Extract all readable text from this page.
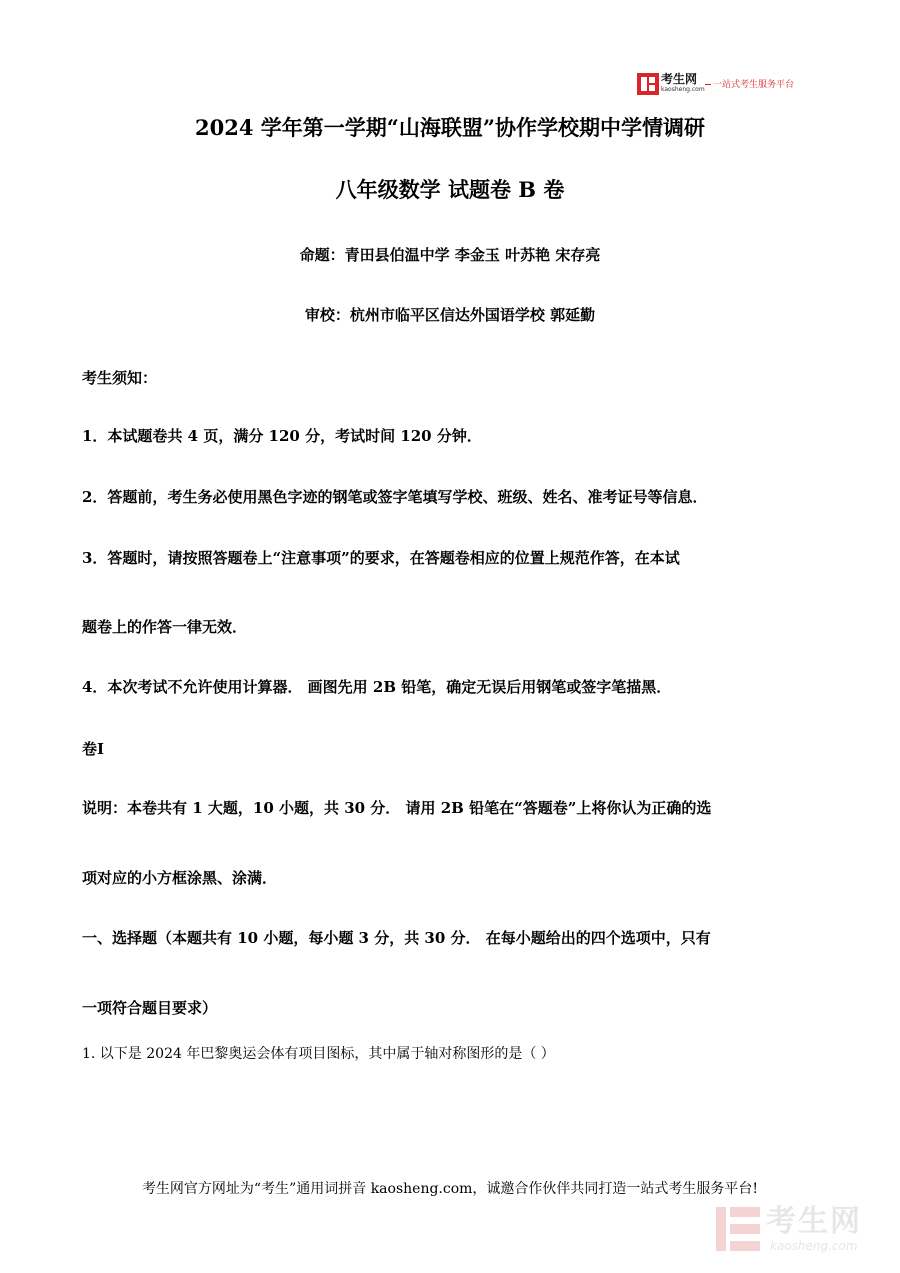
考生网
kaosheng.com 一站式考生服务平台
2024 学年第一学期“山海联盟”协作学校期中学情调研
八年级数学 试题卷 B 卷
命题：青田县伯温中学 李金玉 叶苏艳 宋存亮
审校：杭州市临平区信达外国语学校 郭延勤
考生须知：
1．本试题卷共 4 页，满分 120 分，考试时间 120 分钟．
2．答题前，考生务必使用黑色字迹的钢笔或签字笔填写学校、班级、姓名、准考证号等信息．
3．答题时，请按照答题卷上“注意事项”的要求，在答题卷相应的位置上规范作答，在本试
题卷上的作答一律无效．
4．本次考试不允许使用计算器． 画图先用 2B 铅笔，确定无误后用钢笔或签字笔描黑．
卷I
说明：本卷共有 1 大题，10 小题，共 30 分． 请用 2B 铅笔在“答题卷”上将你认为正确的选
项对应的小方框涂黑、涂满．
一、选择题（本题共有 10 小题，每小题 3 分，共 30 分． 在每小题给出的四个选项中，只有
一项符合题目要求）
1. 以下是 2024 年巴黎奥运会体有项目图标，其中属于轴对称图形的是（ ）
考生网官方网址为“考生”通用词拼音 kaosheng.com，诚邀合作伙伴共同打造一站式考生服务平台!
考生网
kaosheng.com
